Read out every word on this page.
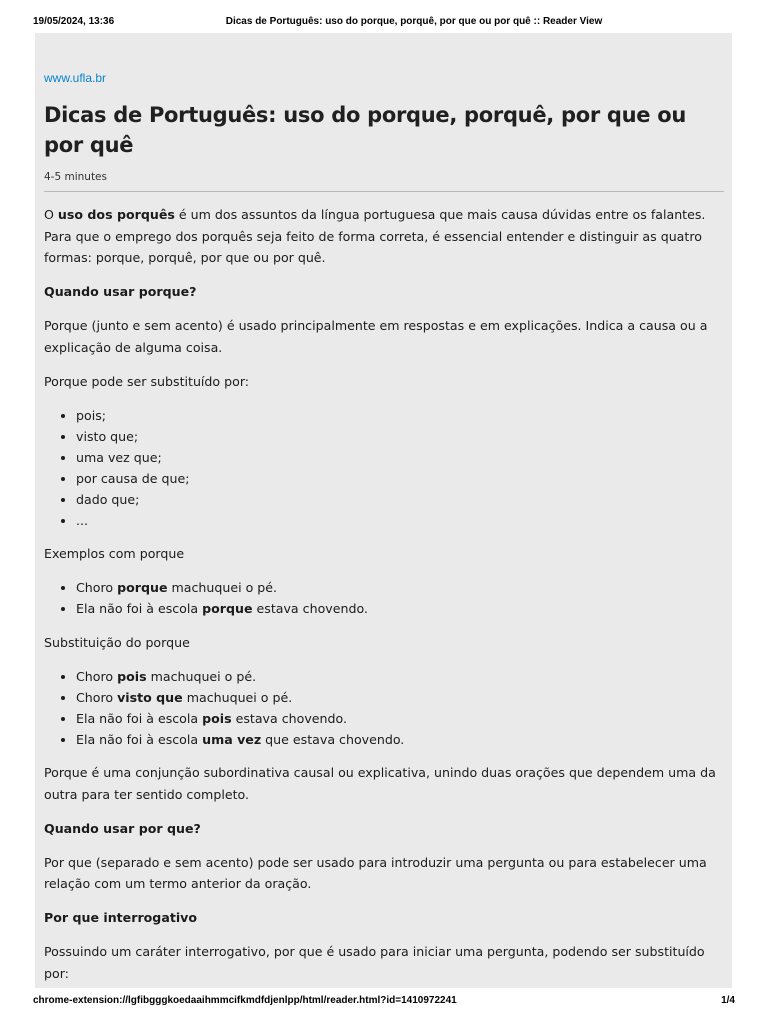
19/05/2024, 13:36	Dicas de Português: uso do porque, porquê, por que ou por quê :: Reader View
www.ufla.br
Dicas de Português: uso do porque, porquê, por que ou por quê
4-5 minutes

O uso dos porquês é um dos assuntos da língua portuguesa que mais causa dúvidas entre os falantes. Para que o emprego dos porquês seja feito de forma correta, é essencial entender e distinguir as quatro formas: porque, porquê, por que ou por quê.

Quando usar porque?

Porque (junto e sem acento) é usado principalmente em respostas e em explicações. Indica a causa ou a explicação de alguma coisa.

Porque pode ser substituído por:

• pois;
• visto que;
• uma vez que;
• por causa de que;
• dado que;
• ...

Exemplos com porque

• Choro porque machuquei o pé.
• Ela não foi à escola porque estava chovendo.

Substituição do porque

• Choro pois machuquei o pé.
• Choro visto que machuquei o pé.
• Ela não foi à escola pois estava chovendo.
• Ela não foi à escola uma vez que estava chovendo.

Porque é uma conjunção subordinativa causal ou explicativa, unindo duas orações que dependem uma da outra para ter sentido completo.

Quando usar por que?

Por que (separado e sem acento) pode ser usado para introduzir uma pergunta ou para estabelecer uma relação com um termo anterior da oração.

Por que interrogativo

Possuindo um caráter interrogativo, por que é usado para iniciar uma pergunta, podendo ser substituído por:

chrome-extension://lgfibgggkoedaaihmmcifkmdfdjenlpp/html/reader.html?id=1410972241	1/4
